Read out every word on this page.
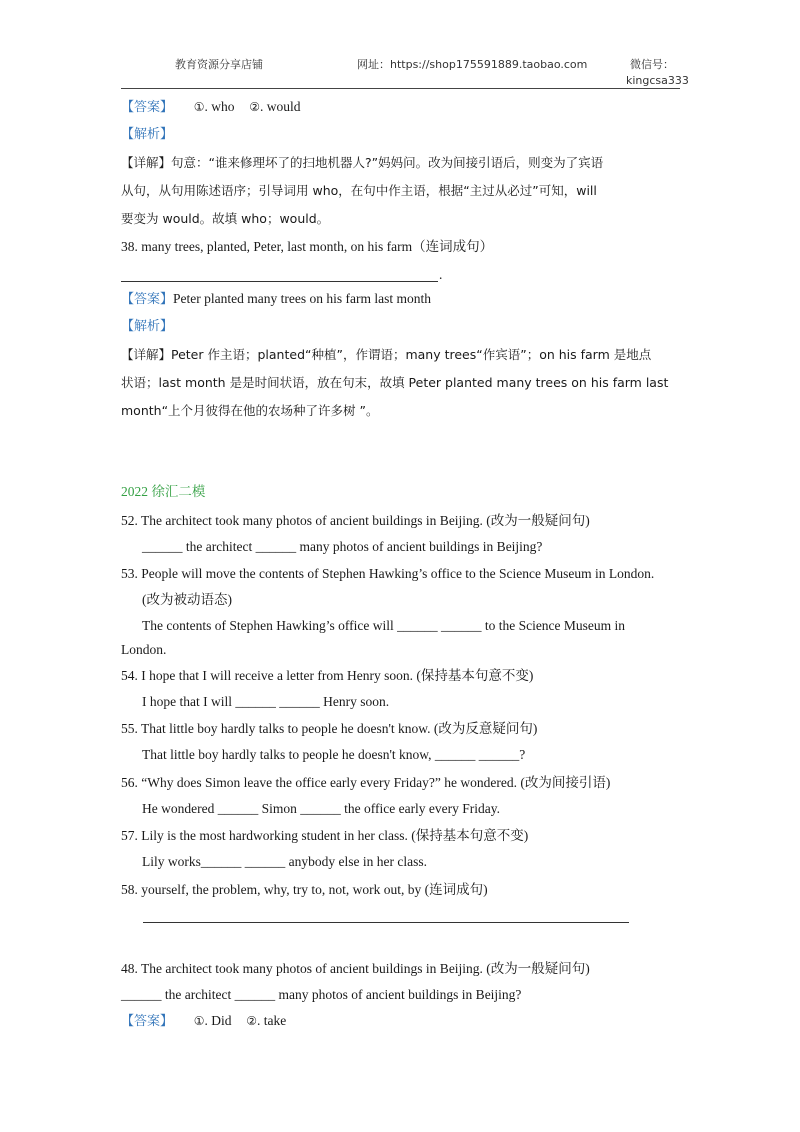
教育资源分享店铺	网址：https://shop175591889.taobao.com	微信号：
kingcsa333
【答案】 ①. who ②. would
【解析】
【详解】句意：“谁来修理坏了的扫地机器人?”妈妈问。改为间接引语后，则变为了宾语
从句，从句用陈述语序；引导词用 who，在句中作主语，根据“主过从必过”可知，will
要变为 would。故填 who；would。
38. many trees, planted, Peter, last month, on his farm（连词成句）
.
【答案】Peter planted many trees on his farm last month
【解析】
【详解】Peter 作主语；planted“种植”，作谓语；many trees“作宾语”；on his farm 是地点
状语；last month 是是时间状语，放在句末，故填 Peter planted many trees on his farm last
month“上个月彼得在他的农场种了许多树 ”。
2022 徐汇二模
52. The architect took many photos of ancient buildings in Beijing. (改为一般疑问句)
______ the architect ______ many photos of ancient buildings in Beijing?
53. People will move the contents of Stephen Hawking’s office to the Science Museum in London.
(改为被动语态)
The contents of Stephen Hawking’s office will ______ ______ to the Science Museum in
London.
54. I hope that I will receive a letter from Henry soon. (保持基本句意不变)
I hope that I will ______ ______ Henry soon.
55. That little boy hardly talks to people he doesn't know. (改为反意疑问句)
That little boy hardly talks to people he doesn't know, ______ ______?
56. “Why does Simon leave the office early every Friday?” he wondered. (改为间接引语)
He wondered ______ Simon ______ the office early every Friday.
57. Lily is the most hardworking student in her class. (保持基本句意不变)
Lily works______ ______ anybody else in her class.
58. yourself, the problem, why, try to, not, work out, by (连词成句)
48. The architect took many photos of ancient buildings in Beijing. (改为一般疑问句)
______ the architect ______ many photos of ancient buildings in Beijing?
【答案】 ①. Did ②. take
